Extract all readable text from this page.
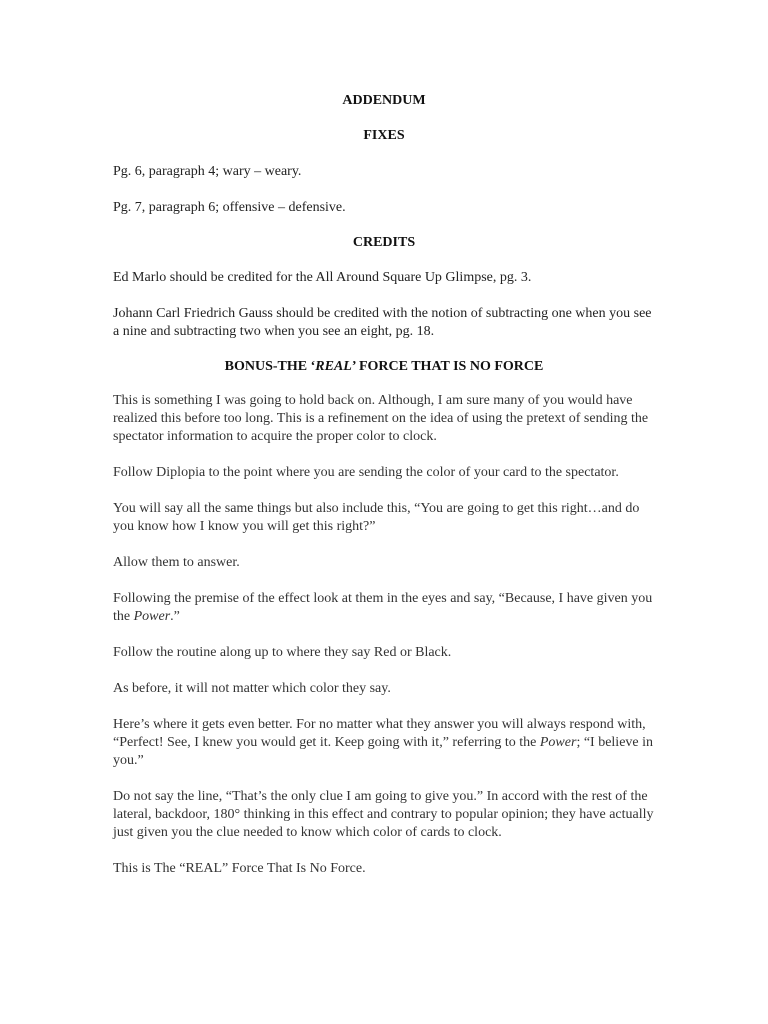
ADDENDUM

FIXES

Pg. 6, paragraph 4; wary – weary.

Pg. 7, paragraph 6; offensive – defensive.

CREDITS

Ed Marlo should be credited for the All Around Square Up Glimpse, pg. 3.

Johann Carl Friedrich Gauss should be credited with the notion of subtracting one when you see a nine and subtracting two when you see an eight, pg. 18.

BONUS-THE ‘REAL’ FORCE THAT IS NO FORCE

This is something I was going to hold back on. Although, I am sure many of you would have realized this before too long. This is a refinement on the idea of using the pretext of sending the spectator information to acquire the proper color to clock.

Follow Diplopia to the point where you are sending the color of your card to the spectator.

You will say all the same things but also include this, “You are going to get this right…and do you know how I know you will get this right?”

Allow them to answer.

Following the premise of the effect look at them in the eyes and say, “Because, I have given you the Power.”

Follow the routine along up to where they say Red or Black.

As before, it will not matter which color they say.

Here’s where it gets even better. For no matter what they answer you will always respond with, “Perfect! See, I knew you would get it. Keep going with it,” referring to the Power; “I believe in you.”

Do not say the line, “That’s the only clue I am going to give you.” In accord with the rest of the lateral, backdoor, 180° thinking in this effect and contrary to popular opinion; they have actually just given you the clue needed to know which color of cards to clock.

This is The “REAL” Force That Is No Force.
